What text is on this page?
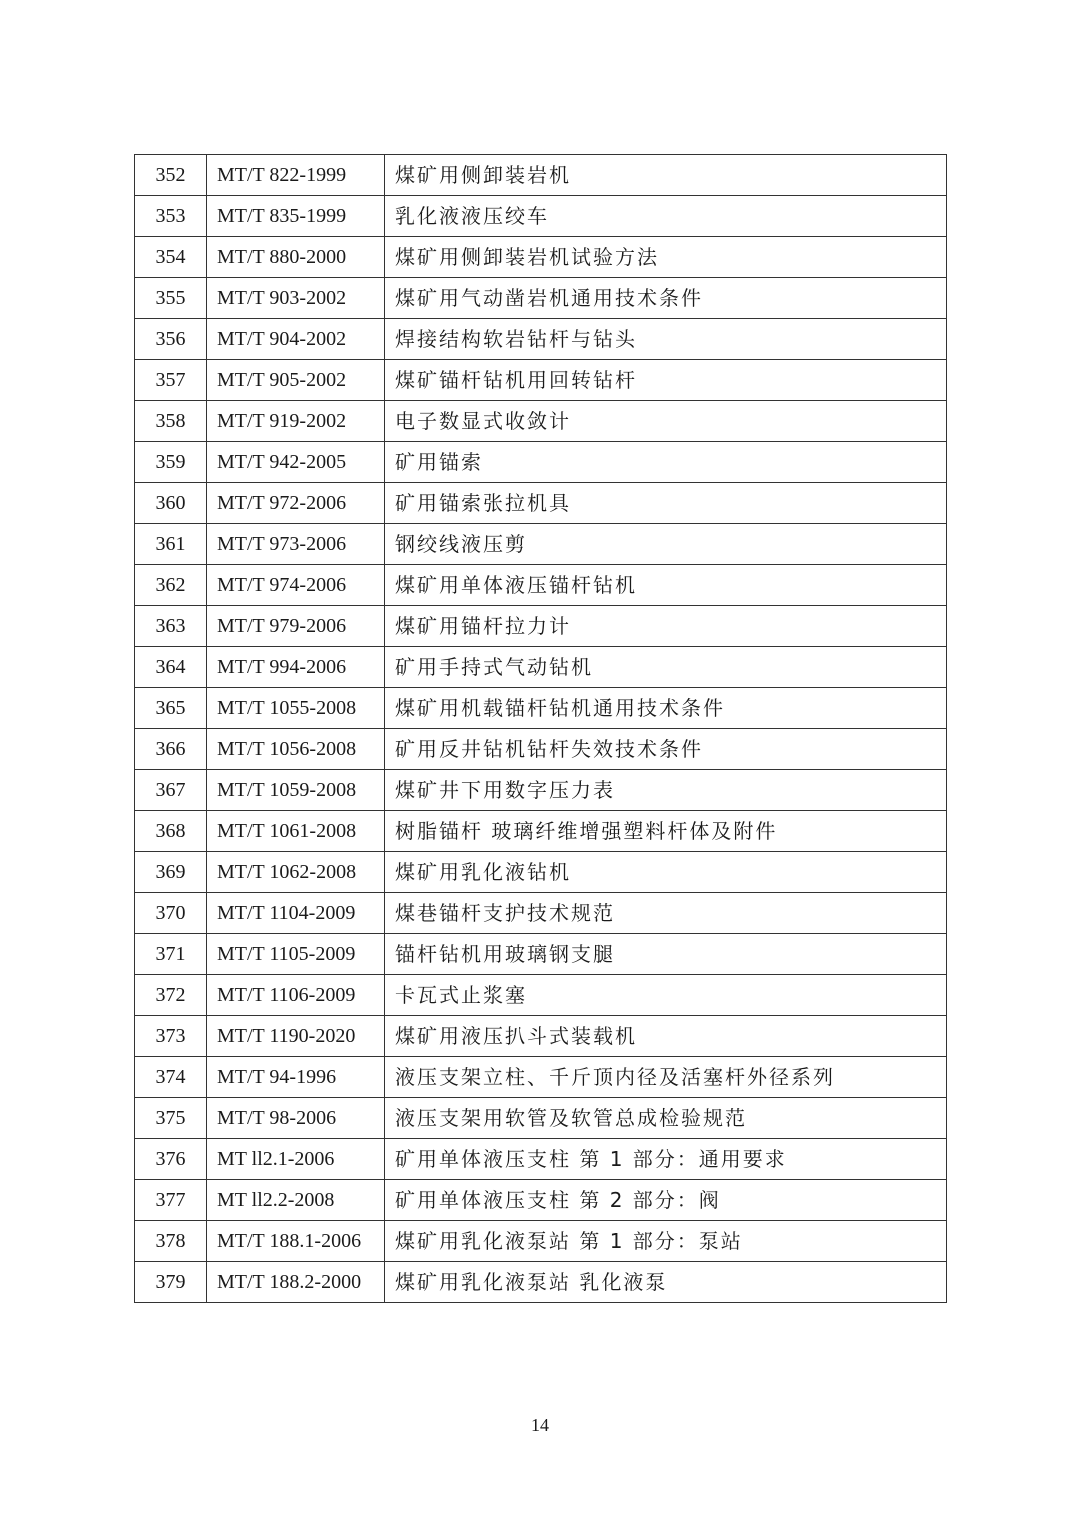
352	MT/T 822-1999	煤矿用侧卸装岩机
353	MT/T 835-1999	乳化液液压绞车
354	MT/T 880-2000	煤矿用侧卸装岩机试验方法
355	MT/T 903-2002	煤矿用气动凿岩机通用技术条件
356	MT/T 904-2002	焊接结构软岩钻杆与钻头
357	MT/T 905-2002	煤矿锚杆钻机用回转钻杆
358	MT/T 919-2002	电子数显式收敛计
359	MT/T 942-2005	矿用锚索
360	MT/T 972-2006	矿用锚索张拉机具
361	MT/T 973-2006	钢绞线液压剪
362	MT/T 974-2006	煤矿用单体液压锚杆钻机
363	MT/T 979-2006	煤矿用锚杆拉力计
364	MT/T 994-2006	矿用手持式气动钻机
365	MT/T 1055-2008	煤矿用机载锚杆钻机通用技术条件
366	MT/T 1056-2008	矿用反井钻机钻杆失效技术条件
367	MT/T 1059-2008	煤矿井下用数字压力表
368	MT/T 1061-2008	树脂锚杆 玻璃纤维增强塑料杆体及附件
369	MT/T 1062-2008	煤矿用乳化液钻机
370	MT/T 1104-2009	煤巷锚杆支护技术规范
371	MT/T 1105-2009	锚杆钻机用玻璃钢支腿
372	MT/T 1106-2009	卡瓦式止浆塞
373	MT/T 1190-2020	煤矿用液压扒斗式装载机
374	MT/T 94-1996	液压支架立柱、千斤顶内径及活塞杆外径系列
375	MT/T 98-2006	液压支架用软管及软管总成检验规范
376	MT ll2.1-2006	矿用单体液压支柱 第 1 部分：通用要求
377	MT ll2.2-2008	矿用单体液压支柱 第 2 部分：阀
378	MT/T 188.1-2006	煤矿用乳化液泵站 第 1 部分：泵站
379	MT/T 188.2-2000	煤矿用乳化液泵站 乳化液泵
14
